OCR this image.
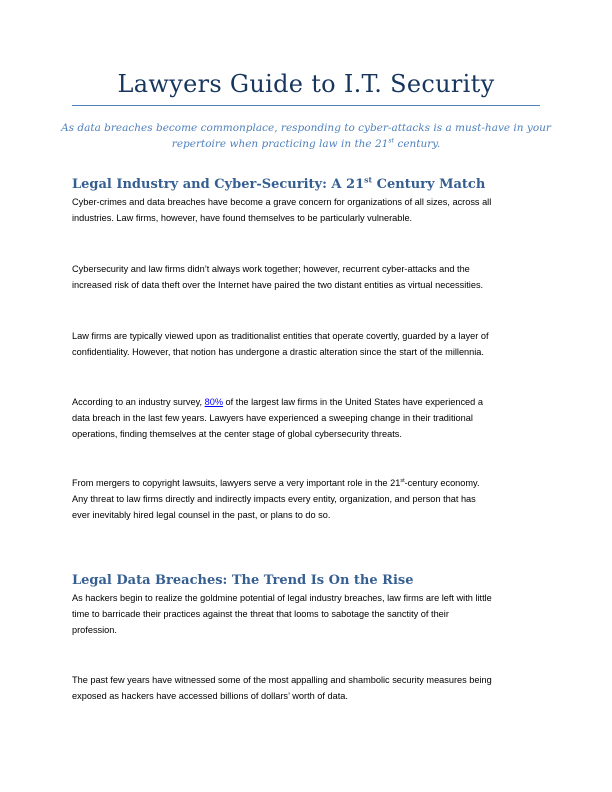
Lawyers Guide to I.T. Security
As data breaches become commonplace, responding to cyber-attacks is a must-have in your
repertoire when practicing law in the 21st century.
Legal Industry and Cyber-Security: A 21st Century Match
Cyber-crimes and data breaches have become a grave concern for organizations of all sizes, across all
industries. Law firms, however, have found themselves to be particularly vulnerable.
Cybersecurity and law firms didn’t always work together; however, recurrent cyber-attacks and the
increased risk of data theft over the Internet have paired the two distant entities as virtual necessities.
Law firms are typically viewed upon as traditionalist entities that operate covertly, guarded by a layer of
confidentiality. However, that notion has undergone a drastic alteration since the start of the millennia.
According to an industry survey, 80% of the largest law firms in the United States have experienced a
data breach in the last few years. Lawyers have experienced a sweeping change in their traditional
operations, finding themselves at the center stage of global cybersecurity threats.
From mergers to copyright lawsuits, lawyers serve a very important role in the 21st-century economy.
Any threat to law firms directly and indirectly impacts every entity, organization, and person that has
ever inevitably hired legal counsel in the past, or plans to do so.
Legal Data Breaches: The Trend Is On the Rise
As hackers begin to realize the goldmine potential of legal industry breaches, law firms are left with little
time to barricade their practices against the threat that looms to sabotage the sanctity of their
profession.
The past few years have witnessed some of the most appalling and shambolic security measures being
exposed as hackers have accessed billions of dollars’ worth of data.
